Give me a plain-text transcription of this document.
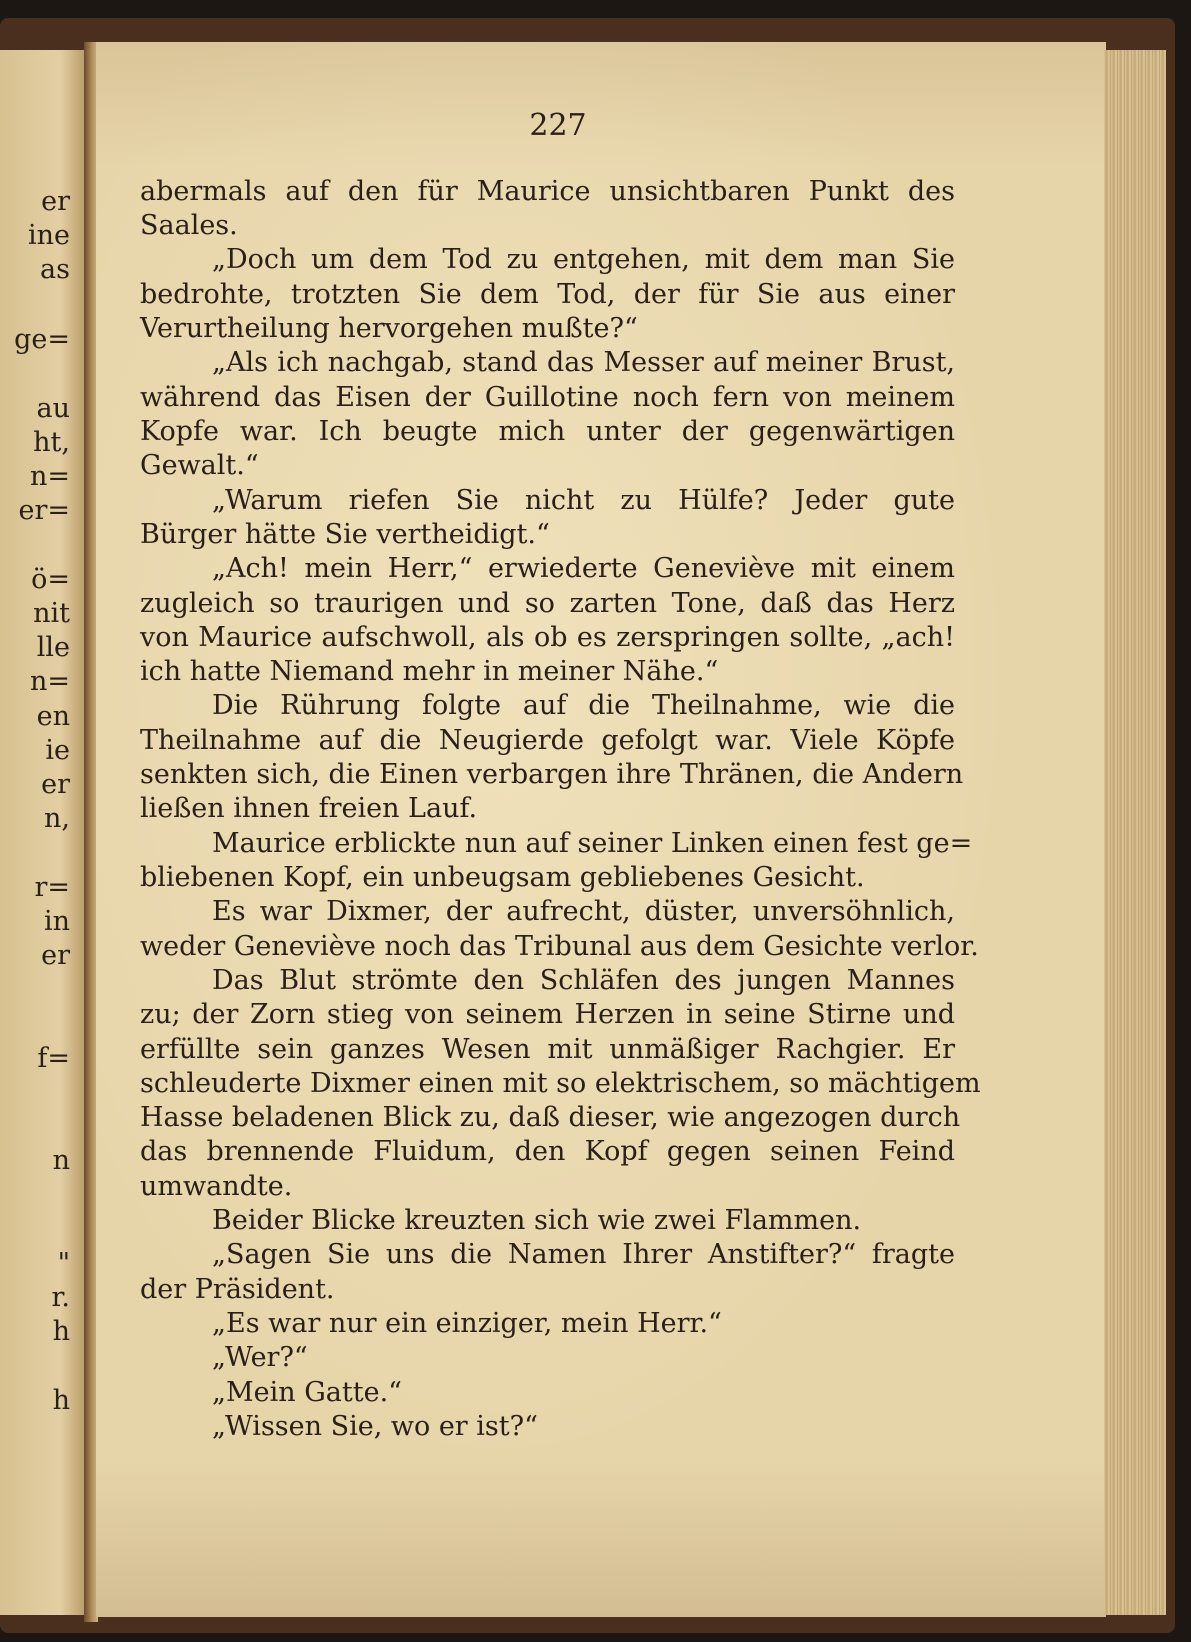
er
ine
as
ge=
au
ht,
n=
er=
ö=
nit
lle
n=
en
ie
er
n,
r=
in
er
f=
n
"
r.
h
h
227

abermals auf den für Maurice unsichtbaren Punkt des

Saales.

„Doch um dem Tod zu entgehen, mit dem man Sie

bedrohte, trotzten Sie dem Tod, der für Sie aus einer

Verurtheilung hervorgehen mußte?“

„Als ich nachgab, stand das Messer auf meiner Brust,

während das Eisen der Guillotine noch fern von meinem

Kopfe war. Ich beugte mich unter der gegenwärtigen

Gewalt.“

„Warum riefen Sie nicht zu Hülfe? Jeder gute

Bürger hätte Sie vertheidigt.“

„Ach! mein Herr,“ erwiederte Geneviève mit einem

zugleich so traurigen und so zarten Tone, daß das Herz

von Maurice aufschwoll, als ob es zerspringen sollte, „ach!

ich hatte Niemand mehr in meiner Nähe.“

Die Rührung folgte auf die Theilnahme, wie die

Theilnahme auf die Neugierde gefolgt war. Viele Köpfe

senkten sich, die Einen verbargen ihre Thränen, die Andern

ließen ihnen freien Lauf.

Maurice erblickte nun auf seiner Linken einen fest ge=

bliebenen Kopf, ein unbeugsam gebliebenes Gesicht.

Es war Dixmer, der aufrecht, düster, unversöhnlich,

weder Geneviève noch das Tribunal aus dem Gesichte verlor.

Das Blut strömte den Schläfen des jungen Mannes

zu; der Zorn stieg von seinem Herzen in seine Stirne und

erfüllte sein ganzes Wesen mit unmäßiger Rachgier. Er

schleuderte Dixmer einen mit so elektrischem, so mächtigem

Hasse beladenen Blick zu, daß dieser, wie angezogen durch

das brennende Fluidum, den Kopf gegen seinen Feind

umwandte.

Beider Blicke kreuzten sich wie zwei Flammen.

„Sagen Sie uns die Namen Ihrer Anstifter?“ fragte

der Präsident.

„Es war nur ein einziger, mein Herr.“

„Wer?“

„Mein Gatte.“

„Wissen Sie, wo er ist?“
